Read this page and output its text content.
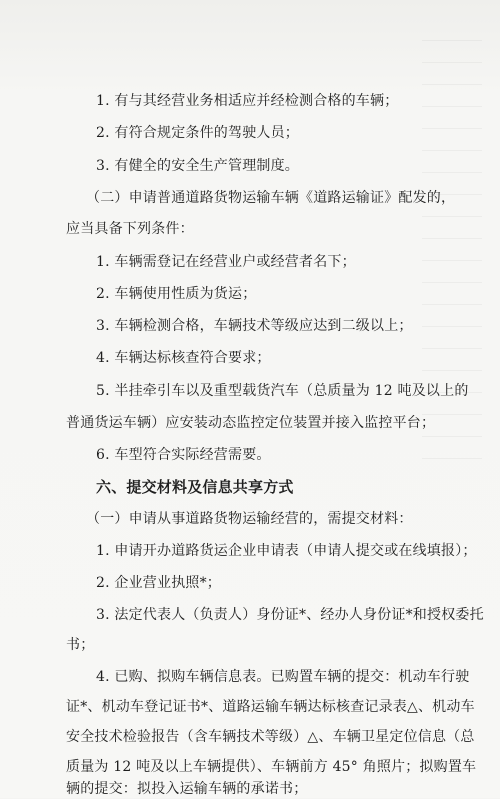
1. 有与其经营业务相适应并经检测合格的车辆；
2. 有符合规定条件的驾驶人员；
3. 有健全的安全生产管理制度。
（二）申请普通道路货物运输车辆《道路运输证》配发的，
应当具备下列条件：
1. 车辆需登记在经营业户或经营者名下；
2. 车辆使用性质为货运；
3. 车辆检测合格，车辆技术等级应达到二级以上；
4. 车辆达标核查符合要求；
5. 半挂牵引车以及重型载货汽车（总质量为 12 吨及以上的
普通货运车辆）应安装动态监控定位装置并接入监控平台；
6. 车型符合实际经营需要。
六、提交材料及信息共享方式
（一）申请从事道路货物运输经营的，需提交材料：
1. 申请开办道路货运企业申请表（申请人提交或在线填报）；
2. 企业营业执照*；
3. 法定代表人（负责人）身份证*、经办人身份证*和授权委托
书；
4. 已购、拟购车辆信息表。已购置车辆的提交：机动车行驶
证*、机动车登记证书*、道路运输车辆达标核查记录表△、机动车
安全技术检验报告（含车辆技术等级）△、车辆卫星定位信息（总
质量为 12 吨及以上车辆提供）、车辆前方 45° 角照片；拟购置车
辆的提交：拟投入运输车辆的承诺书；
